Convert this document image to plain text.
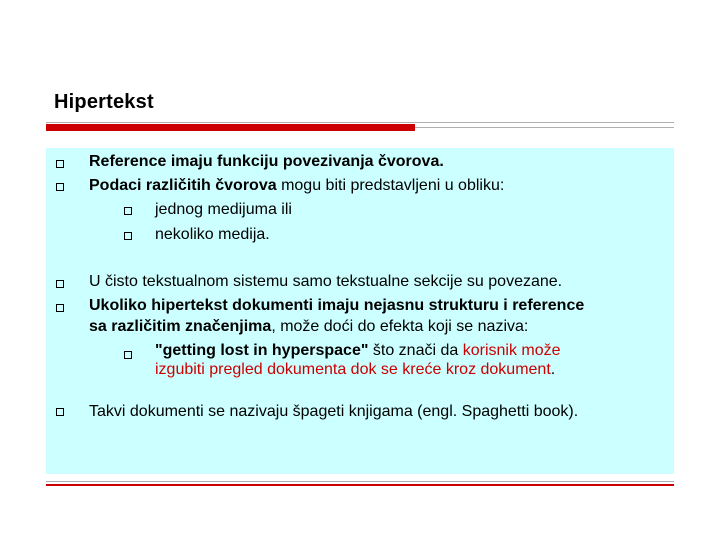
Hipertekst
Reference imaju funkciju povezivanja čvorova.
Podaci različitih čvorova mogu biti predstavljeni u obliku:
jednog medijuma ili
nekoliko medija.
U čisto tekstualnom sistemu samo tekstualne sekcije su povezane.
Ukoliko hipertekst dokumenti imaju nejasnu strukturu i reference
sa različitim značenjima, može doći do efekta koji se naziva:
"getting lost in hyperspace" što znači da korisnik može
izgubiti pregled dokumenta dok se kreće kroz dokument.
Takvi dokumenti se nazivaju špageti knjigama (engl. Spaghetti book).
